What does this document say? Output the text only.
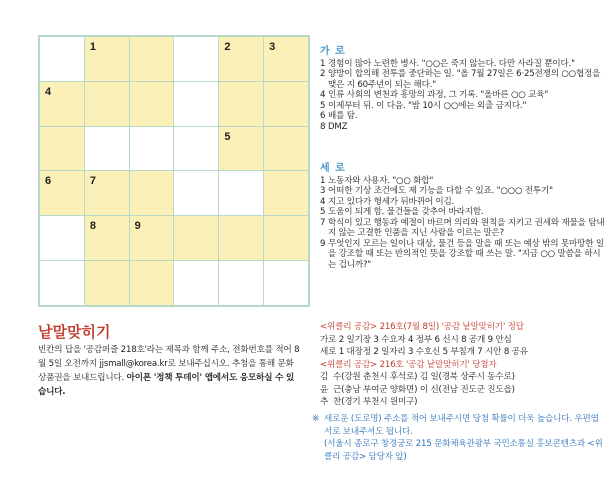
1	2	3
4
5
6	7
8	9
가 로
1 경험이 많아 노련한 병사. "○○은 죽지 않는다. 다만 사라질 뿐이다."
2 양방이 합의해 전투를 중단하는 일. "올 7월 27일은 6·25전쟁의 ○○협정을 맺은 지 60주년이 되는 해다."
4 인류 사회의 변천과 흥망의 과정, 그 기록. "올바른 ○○ 교육"
5 이제부터 뒤. 이 다음. "밤 10시 ○○에는 외출 금지다."
6 배를 탐.
8 DMZ
세 로
1 노동자와 사용자. "○○ 화합"
3 어떠한 기상 조건에도 제 기능을 다할 수 있죠. "○○○ 전투기"
4 지고 있다가 형세가 뒤바뀌어 이김.
5 도움이 되게 함. 물건들을 갖추어 바라지함.
7 학식이 있고 행동과 예절이 바르며 의리와 원칙을 지키고 권세와 재물을 탐내지 않는 고결한 인품을 지닌 사람을 이르는 말은?
9 무엇인지 모르는 일이나 대상, 물건 등을 말을 때 또는 예상 밖의 못마땅한 일을 강조할 때 또는 반의적인 뜻을 강조할 때 쓰는 말. "지금 ○○ 말씀을 하시는 겁니까?"
낱말맞히기
빈칸의 답을 '공감퍼즐 218호'라는 제목과 함께 주소, 전화번호를 적어 8월 5일 오전까지 jjsmall@korea.kr로 보내주십시오. 추첨을 통해 문화상품권을 보내드립니다. 아이폰 '정책 투데이' 앱에서도 응모하실 수 있습니다.
<위클리 공감> 216호(7월 8일) '공감 낱말맞히기' 정답
가로 2 일기장 3 수요자 4 정부 6 신시 8 공개 9 안심
세로 1 대장정 2 일자리 3 수호신 5 부침개 7 시안 8 공유
<위클리 공감> 216호 '공감 낱말맞히기' 당첨자
김 수(강원 춘천시 후석로) 김 일(경북 상주시 동수로)
윤 근(충남 부여군 양화면) 이 신(전남 진도군 진도읍)
추 찬(경기 부천시 원미구)
※ 새로운 (도로명) 주소를 적어 보내주시면 당첨 확률이 더욱 높습니다. 우편엽서로 보내주셔도 됩니다.
(서울시 종로구 창경궁로 215 문화체육관광부 국민소통실 홍보콘텐츠과 <위클리 공감> 담당자 앞)
